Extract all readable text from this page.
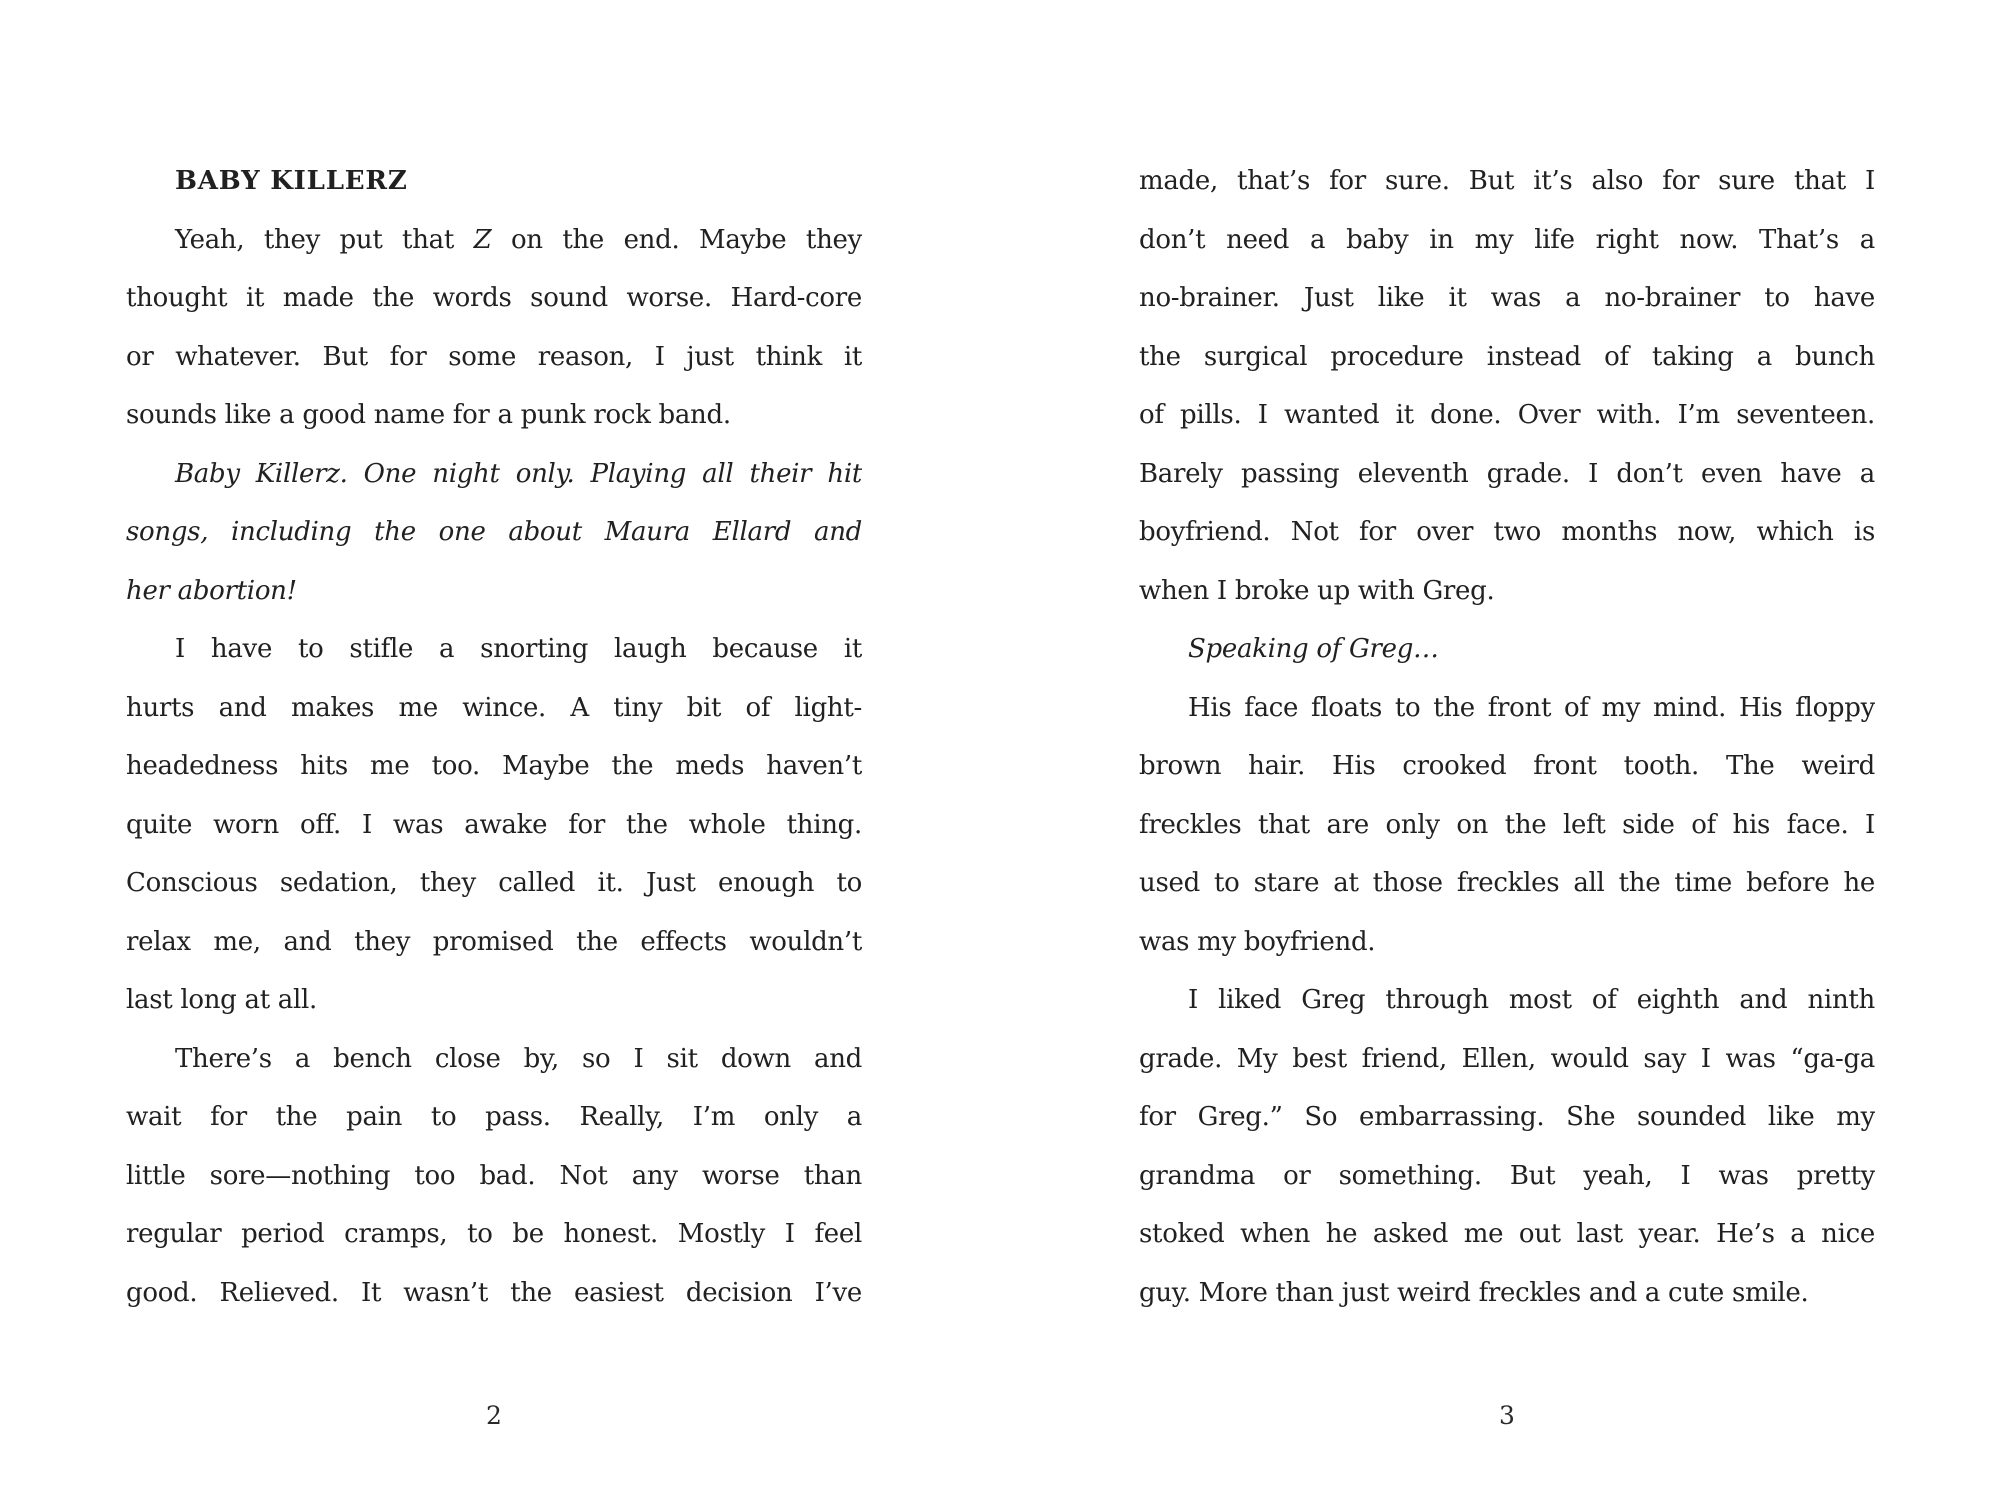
BABY KILLERZ
Yeah, they put that Z on the end. Maybe they
thought it made the words sound worse. Hard-core
or whatever. But for some reason, I just think it
sounds like a good name for a punk rock band.
Baby Killerz. One night only. Playing all their hit
songs, including the one about Maura Ellard and
her abortion!
I have to stifle a snorting laugh because it
hurts and makes me wince. A tiny bit of light-
headedness hits me too. Maybe the meds haven’t
quite worn off. I was awake for the whole thing.
Conscious sedation, they called it. Just enough to
relax me, and they promised the effects wouldn’t
last long at all.
There’s a bench close by, so I sit down and
wait for the pain to pass. Really, I’m only a
little sore—nothing too bad. Not any worse than
regular period cramps, to be honest. Mostly I feel
good. Relieved. It wasn’t the easiest decision I’ve
2
made, that’s for sure. But it’s also for sure that I
don’t need a baby in my life right now. That’s a
no-brainer. Just like it was a no-brainer to have
the surgical procedure instead of taking a bunch
of pills. I wanted it done. Over with. I’m seventeen.
Barely passing eleventh grade. I don’t even have a
boyfriend. Not for over two months now, which is
when I broke up with Greg.
Speaking of Greg…
His face floats to the front of my mind. His floppy
brown hair. His crooked front tooth. The weird
freckles that are only on the left side of his face. I
used to stare at those freckles all the time before he
was my boyfriend.
I liked Greg through most of eighth and ninth
grade. My best friend, Ellen, would say I was “ga-ga
for Greg.” So embarrassing. She sounded like my
grandma or something. But yeah, I was pretty
stoked when he asked me out last year. He’s a nice
guy. More than just weird freckles and a cute smile.
3
